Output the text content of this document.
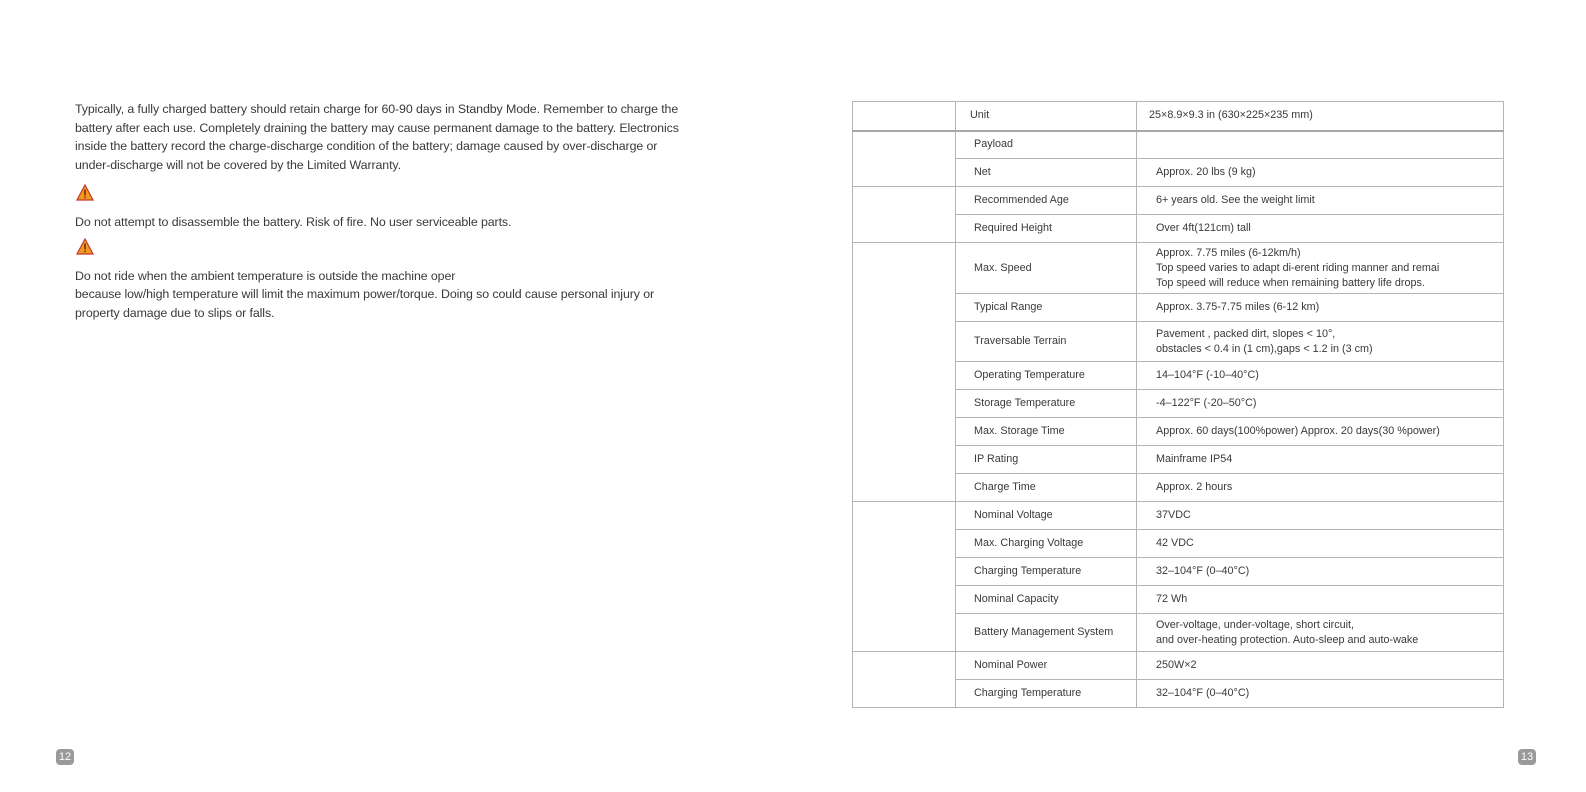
Typically, a fully charged battery should retain charge for 60-90 days in Standby Mode. Remember to charge the
battery after each use. Completely draining the battery may cause permanent damage to the battery. Electronics
inside the battery record the charge-discharge condition of the battery; damage caused by over-discharge or
under-discharge will not be covered by the Limited Warranty.

Do not attempt to disassemble the battery. Risk of fire. No user serviceable parts.

Do not ride when the ambient temperature is outside the machine oper
because low/high temperature will limit the maximum power/torque. Doing so could cause personal injury or
property damage due to slips or falls.

12
	Unit	25×8.9×9.3 in (630×225×235 mm)
	Payload	
	Net	Approx. 20 lbs (9 kg)
	Recommended Age	6+ years old. See the weight limit
	Required Height	Over 4ft(121cm) tall
	Max. Speed	Approx. 7.75 miles (6-12km/h)
Top speed varies to adapt di-erent riding manner and remai
Top speed will reduce when remaining battery life drops.

	Typical Range	Approx. 3.75-7.75 miles (6-12 km)
	Traversable Terrain	Pavement , packed dirt, slopes < 10°,
obstacles < 0.4 in (1 cm),gaps < 1.2 in (3 cm)

	Operating Temperature	14–104°F (-10–40°C)
	Storage Temperature	-4–122°F (-20–50°C)
	Max. Storage Time	Approx. 60 days(100%power) Approx. 20 days(30 %power)
	IP Rating	Mainframe IP54
	Charge Time	Approx. 2 hours
	Nominal Voltage	37VDC
	Max. Charging Voltage	42 VDC
	Charging Temperature	32–104°F (0–40°C)
	Nominal Capacity	72 Wh
	Battery Management System	Over-voltage, under-voltage, short circuit,
and over-heating protection. Auto-sleep and auto-wake

	Nominal Power	250W×2
	Charging Temperature	32–104°F (0–40°C)
13
